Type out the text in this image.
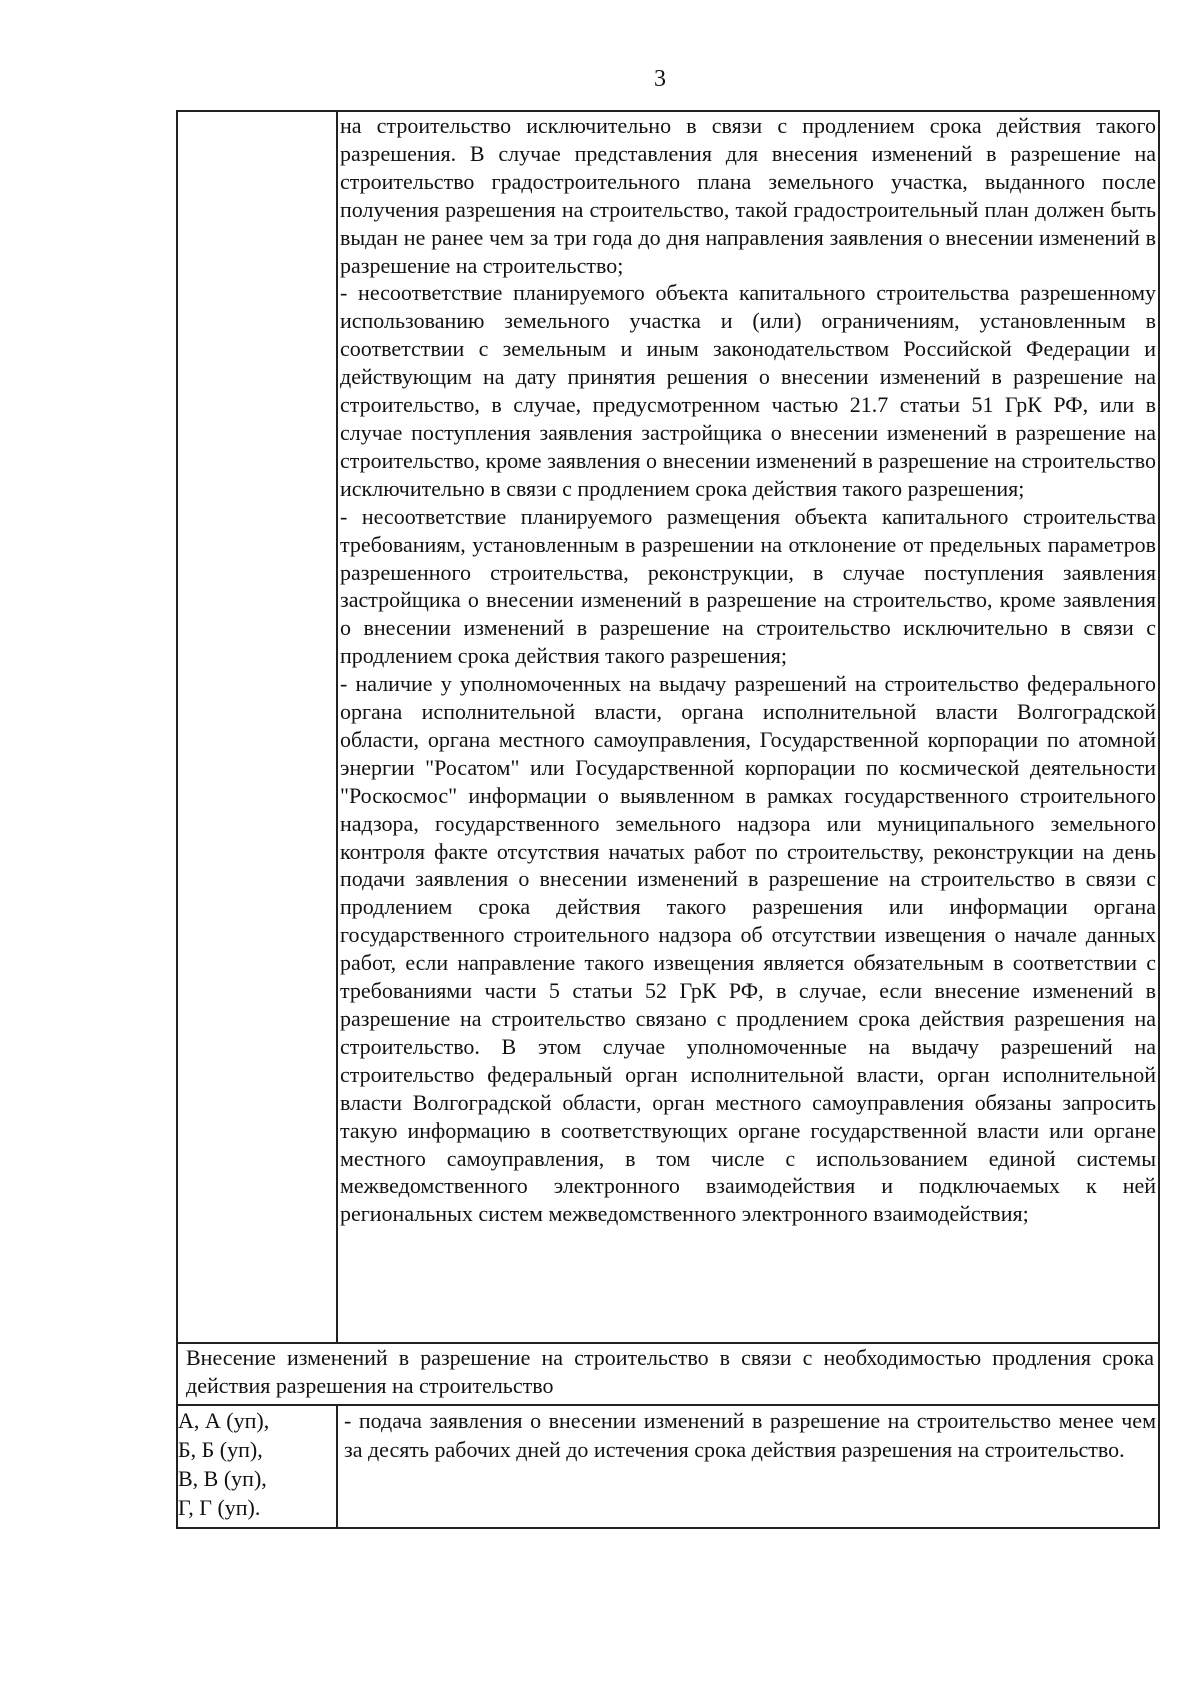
3

на строительство исключительно в связи с продлением срока действия такого разрешения. В случае представления для внесения изменений в разрешение на строительство градостроительного плана земельного участка, выданного после получения разрешения на строительство, такой градостроительный план должен быть выдан не ранее чем за три года до дня направления заявления о внесении изменений в разрешение на строительство;

- несоответствие планируемого объекта капитального строительства разрешенному использованию земельного участка и (или) ограничениям, установленным в соответствии с земельным и иным законодательством Российской Федерации и действующим на дату принятия решения о внесении изменений в разрешение на строительство, в случае, предусмотренном частью 21.7 статьи 51 ГрК РФ, или в случае поступления заявления застройщика о внесении изменений в разрешение на строительство, кроме заявления о внесении изменений в разрешение на строительство исключительно в связи с продлением срока действия такого разрешения;

- несоответствие планируемого размещения объекта капитального строительства требованиям, установленным в разрешении на отклонение от предельных параметров разрешенного строительства, реконструкции, в случае поступления заявления застройщика о внесении изменений в разрешение на строительство, кроме заявления о внесении изменений в разрешение на строительство исключительно в связи с продлением срока действия такого разрешения;

- наличие у уполномоченных на выдачу разрешений на строительство федерального органа исполнительной власти, органа исполнительной власти Волгоградской области, органа местного самоуправления, Государственной корпорации по атомной энергии "Росатом" или Государственной корпорации по космической деятельности "Роскосмос" информации о выявленном в рамках государственного строительного надзора, государственного земельного надзора или муниципального земельного контроля факте отсутствия начатых работ по строительству, реконструкции на день подачи заявления о внесении изменений в разрешение на строительство в связи с продлением срока действия такого разрешения или информации органа государственного строительного надзора об отсутствии извещения о начале данных работ, если направление такого извещения является обязательным в соответствии с требованиями части 5 статьи 52 ГрК РФ, в случае, если внесение изменений в разрешение на строительство связано с продлением срока действия разрешения на строительство. В этом случае уполномоченные на выдачу разрешений на строительство федеральный орган исполнительной власти, орган исполнительной власти Волгоградской области, орган местного самоуправления обязаны запросить такую информацию в соответствующих органе государственной власти или органе местного самоуправления, в том числе с использованием единой системы межведомственного электронного взаимодействия и подключаемых к ней региональных систем межведомственного электронного взаимодействия;

Внесение изменений в разрешение на строительство в связи с необходимостью продления срока действия разрешения на строительство
А, А (уп),
Б, Б (уп),
В, В (уп),
Г, Г (уп).
- подача заявления о внесении изменений в разрешение на строительство менее чем за десять рабочих дней до истечения срока действия разрешения на строительство.
